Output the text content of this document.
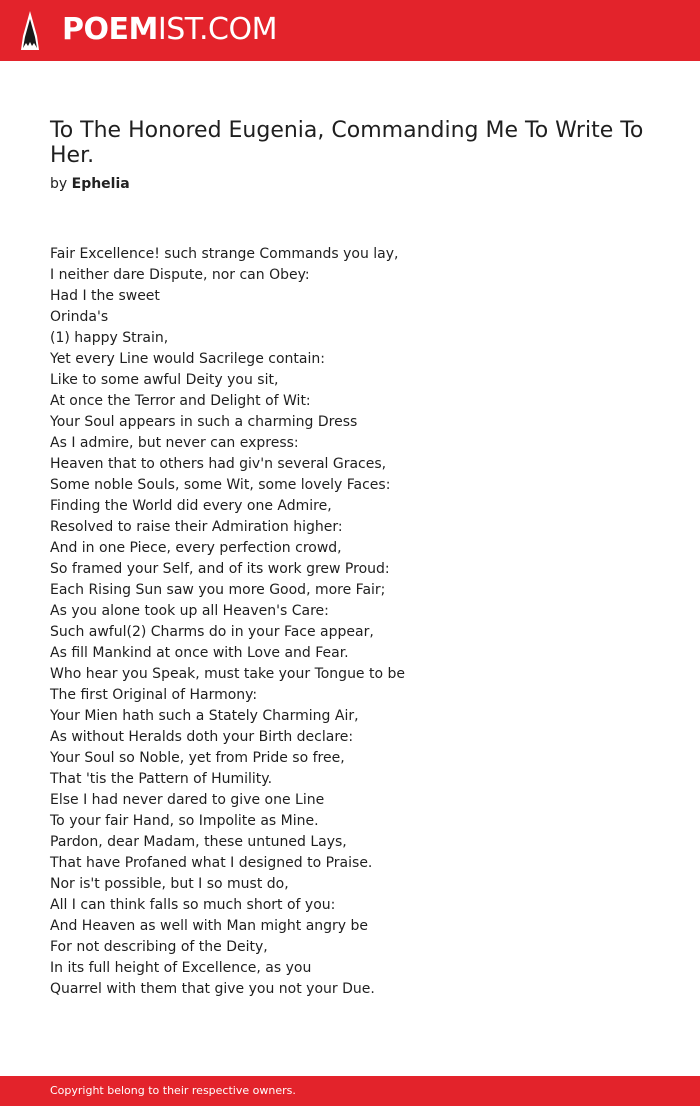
POEMIST.COM
To The Honored Eugenia, Commanding Me To Write To Her.
by Ephelia
Fair Excellence! such strange Commands you lay,
I neither dare Dispute, nor can Obey:
Had I the sweet
Orinda's
(1) happy Strain,
Yet every Line would Sacrilege contain:
Like to some awful Deity you sit,
At once the Terror and Delight of Wit:
Your Soul appears in such a charming Dress
As I admire, but never can express:
Heaven that to others had giv'n several Graces,
Some noble Souls, some Wit, some lovely Faces:
Finding the World did every one Admire,
Resolved to raise their Admiration higher:
And in one Piece, every perfection crowd,
So framed your Self, and of its work grew Proud:
Each Rising Sun saw you more Good, more Fair;
As you alone took up all Heaven's Care:
Such awful(2) Charms do in your Face appear,
As fill Mankind at once with Love and Fear.
Who hear you Speak, must take your Tongue to be
The first Original of Harmony:
Your Mien hath such a Stately Charming Air,
As without Heralds doth your Birth declare:
Your Soul so Noble, yet from Pride so free,
That 'tis the Pattern of Humility.
Else I had never dared to give one Line
To your fair Hand, so Impolite as Mine.
Pardon, dear Madam, these untuned Lays,
That have Profaned what I designed to Praise.
Nor is't possible, but I so must do,
All I can think falls so much short of you:
And Heaven as well with Man might angry be
For not describing of the Deity,
In its full height of Excellence, as you
Quarrel with them that give you not your Due.
Copyright belong to their respective owners.
